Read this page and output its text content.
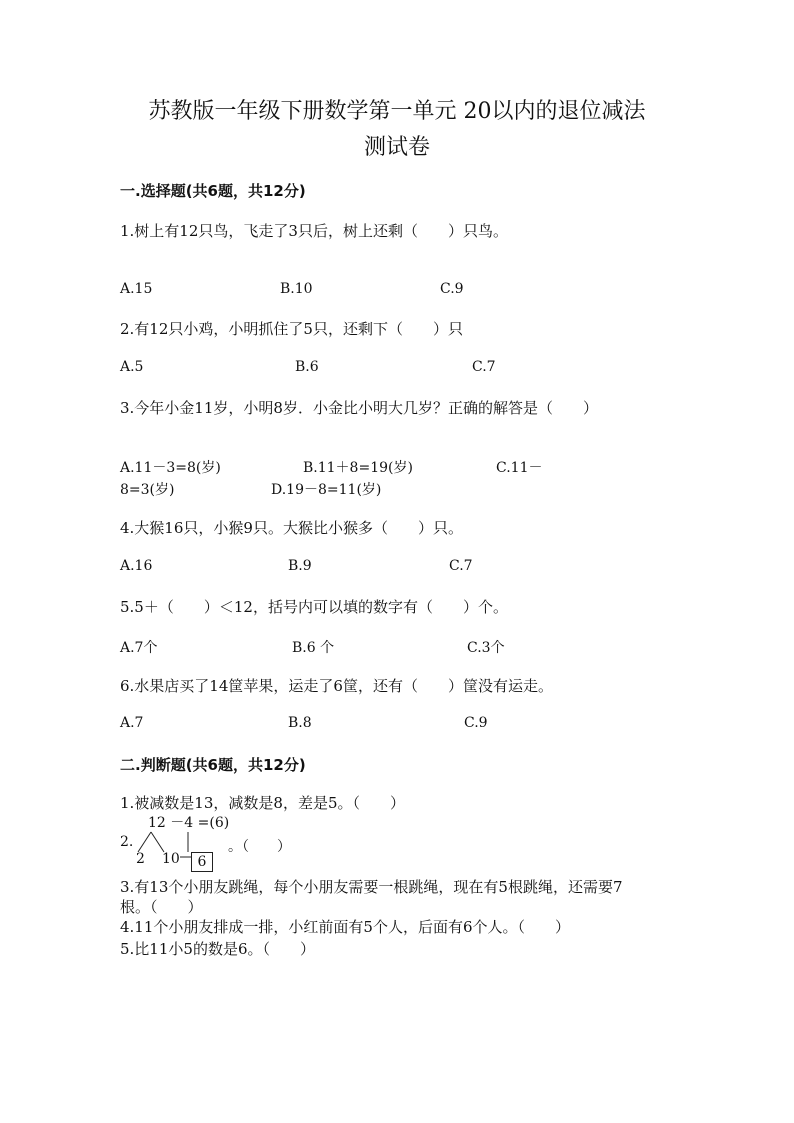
苏教版一年级下册数学第一单元 20以内的退位减法
测试卷
一.选择题(共6题，共12分)
1.树上有12只鸟，飞走了3只后，树上还剩（　　）只鸟。
A.15	B.10	C.9
2.有12只小鸡，小明抓住了5只，还剩下（　　）只
A.5	B.6	C.7
3.今年小金11岁，小明8岁．小金比小明大几岁？正确的解答是（　　）
A.11－3=8(岁)	B.11＋8=19(岁)	C.11－
8=3(岁)	D.19－8=11(岁)
4.大猴16只，小猴9只。大猴比小猴多（　　）只。
A.16	B.9	C.7
5.5＋（　　）＜12，括号内可以填的数字有（　　）个。
A.7个	B.6 个	C.3个
6.水果店买了14筐苹果，运走了6筐，还有（　　）筐没有运走。
A.7	B.8	C.9
二.判断题(共6题，共12分)
1.被减数是13，减数是8，差是5。（　　）
2.
12 －4 =(6)
2 10	6
。（　　）
3.有13个小朋友跳绳，每个小朋友需要一根跳绳，现在有5根跳绳，还需要7
根。（　　）
4.11个小朋友排成一排，小红前面有5个人，后面有6个人。（　　）
5.比11小5的数是6。（　　）
